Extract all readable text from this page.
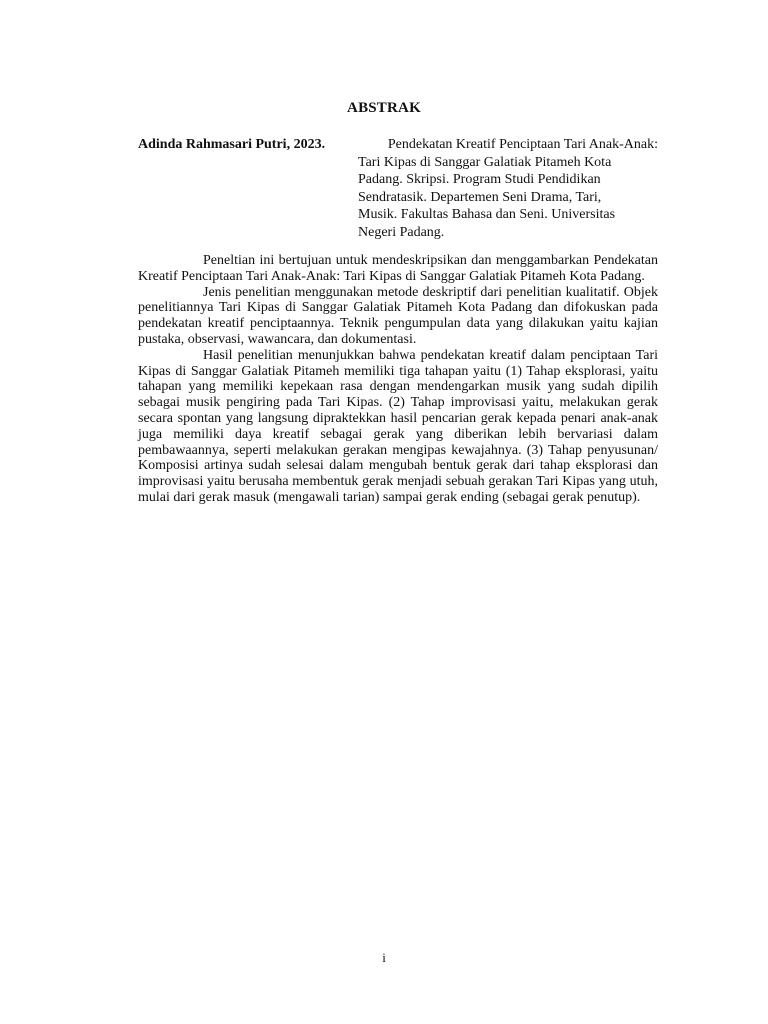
ABSTRAK
Adinda Rahmasari Putri, 2023.	Pendekatan Kreatif Penciptaan Tari Anak-Anak:
Tari Kipas di Sanggar Galatiak Pitameh Kota
Padang. Skripsi. Program Studi Pendidikan
Sendratasik. Departemen Seni Drama, Tari,
Musik. Fakultas Bahasa dan Seni. Universitas
Negeri Padang.

Peneltian ini bertujuan untuk mendeskripsikan dan menggambarkan Pendekatan Kreatif Penciptaan Tari Anak-Anak: Tari Kipas di Sanggar Galatiak Pitameh Kota Padang.

Jenis penelitian menggunakan metode deskriptif dari penelitian kualitatif. Objek penelitiannya Tari Kipas di Sanggar Galatiak Pitameh Kota Padang dan difokuskan pada pendekatan kreatif penciptaannya. Teknik pengumpulan data yang dilakukan yaitu kajian pustaka, observasi, wawancara, dan dokumentasi.

Hasil penelitian menunjukkan bahwa pendekatan kreatif dalam penciptaan Tari Kipas di Sanggar Galatiak Pitameh memiliki tiga tahapan yaitu (1) Tahap eksplorasi, yaitu tahapan yang memiliki kepekaan rasa dengan mendengarkan musik yang sudah dipilih sebagai musik pengiring pada Tari Kipas. (2) Tahap improvisasi yaitu, melakukan gerak secara spontan yang langsung dipraktekkan hasil pencarian gerak kepada penari anak-anak juga memiliki daya kreatif sebagai gerak yang diberikan lebih bervariasi dalam pembawaannya, seperti melakukan gerakan mengipas kewajahnya. (3) Tahap penyusunan/ Komposisi artinya sudah selesai dalam mengubah bentuk gerak dari tahap eksplorasi dan improvisasi yaitu berusaha membentuk gerak menjadi sebuah gerakan Tari Kipas yang utuh, mulai dari gerak masuk (mengawali tarian) sampai gerak ending (sebagai gerak penutup).

i
